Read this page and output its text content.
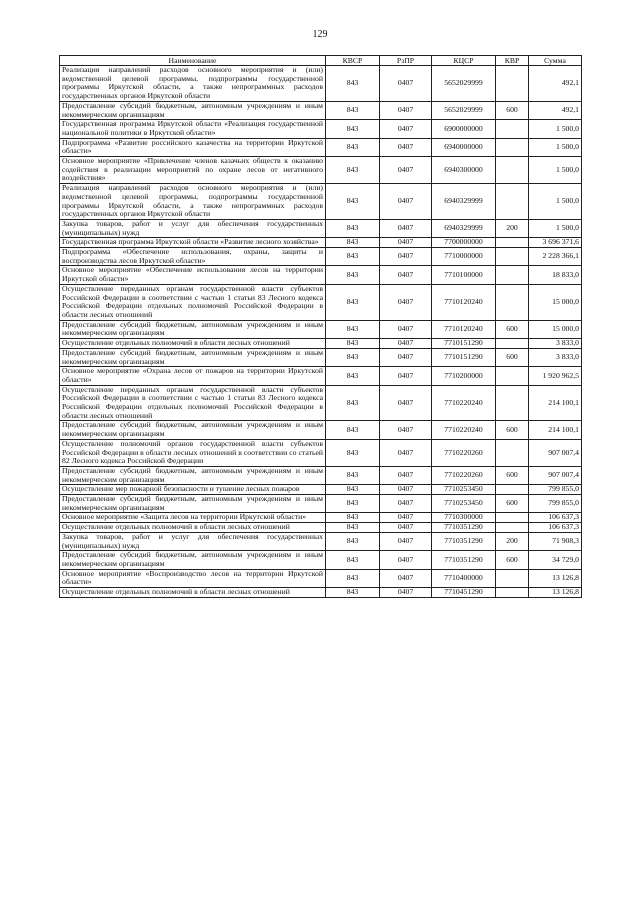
129
Наименование	КВСР	РзПР	КЦСР	КВР	Сумма
Реализация направлений расходов основного мероприятия и (или) ведомственной целевой программы, подпрограммы государственной программы Иркутской области, а также непрограммных расходов государственных органов Иркутской области	843	0407	5652029999		492,1
Предоставление субсидий бюджетным, автономным учреждениям и иным некоммерческим организациям	843	0407	5652029999	600	492,1
Государственная программа Иркутской области «Реализация государственной национальной политики в Иркутской области»	843	0407	6900000000		1 500,0
Подпрограмма «Развитие российского казачества на территории Иркутской области»	843	0407	6940000000		1 500,0
Основное мероприятие «Привлечение членов казачьих обществ к оказанию содействия в реализации мероприятий по охране лесов от негативного воздействия»	843	0407	6940300000		1 500,0
Реализация направлений расходов основного мероприятия и (или) ведомственной целевой программы, подпрограммы государственной программы Иркутской области, а также непрограммных расходов государственных органов Иркутской области	843	0407	6940329999		1 500,0
Закупка товаров, работ и услуг для обеспечения государственных (муниципальных) нужд	843	0407	6940329999	200	1 500,0
Государственная программа Иркутской области «Развитие лесного хозяйства»	843	0407	7700000000		3 696 371,6
Подпрограмма «Обеспечение использования, охраны, защиты и воспроизводства лесов Иркутской области»	843	0407	7710000000		2 228 366,1
Основное мероприятие «Обеспечение использования лесов на территории Иркутской области»	843	0407	7710100000		18 833,0
Осуществление переданных органам государственной власти субъектов Российской Федерации в соответствии с частью 1 статьи 83 Лесного кодекса Российской Федерации отдельных полномочий Российской Федерации в области лесных отношений	843	0407	7710120240		15 000,0
Предоставление субсидий бюджетным, автономным учреждениям и иным некоммерческим организациям	843	0407	7710120240	600	15 000,0
Осуществление отдельных полномочий в области лесных отношений	843	0407	7710151290		3 833,0
Предоставление субсидий бюджетным, автономным учреждениям и иным некоммерческим организациям	843	0407	7710151290	600	3 833,0
Основное мероприятие «Охрана лесов от пожаров на территории Иркутской области»	843	0407	7710200000		1 920 962,5
Осуществление переданных органам государственной власти субъектов Российской Федерации в соответствии с частью 1 статьи 83 Лесного кодекса Российской Федерации отдельных полномочий Российской Федерации в области лесных отношений	843	0407	7710220240		214 100,1
Предоставление субсидий бюджетным, автономным учреждениям и иным некоммерческим организациям	843	0407	7710220240	600	214 100,1
Осуществление полномочий органов государственной власти субъектов Российской Федерации в области лесных отношений в соответствии со статьей 82 Лесного кодекса Российской Федерации	843	0407	7710220260		907 007,4
Предоставление субсидий бюджетным, автономным учреждениям и иным некоммерческим организациям	843	0407	7710220260	600	907 007,4
Осуществление мер пожарной безопасности и тушение лесных пожаров	843	0407	7710253450		799 855,0
Предоставление субсидий бюджетным, автономным учреждениям и иным некоммерческим организациям	843	0407	7710253450	600	799 855,0
Основное мероприятие «Защита лесов на территории Иркутской области»	843	0407	7710300000		106 637,3
Осуществление отдельных полномочий в области лесных отношений	843	0407	7710351290		106 637,3
Закупка товаров, работ и услуг для обеспечения государственных (муниципальных) нужд	843	0407	7710351290	200	71 908,3
Предоставление субсидий бюджетным, автономным учреждениям и иным некоммерческим организациям	843	0407	7710351290	600	34 729,0
Основное мероприятие «Воспроизводство лесов на территории Иркутской области»	843	0407	7710400000		13 126,8
Осуществление отдельных полномочий в области лесных отношений	843	0407	7710451290		13 126,8
